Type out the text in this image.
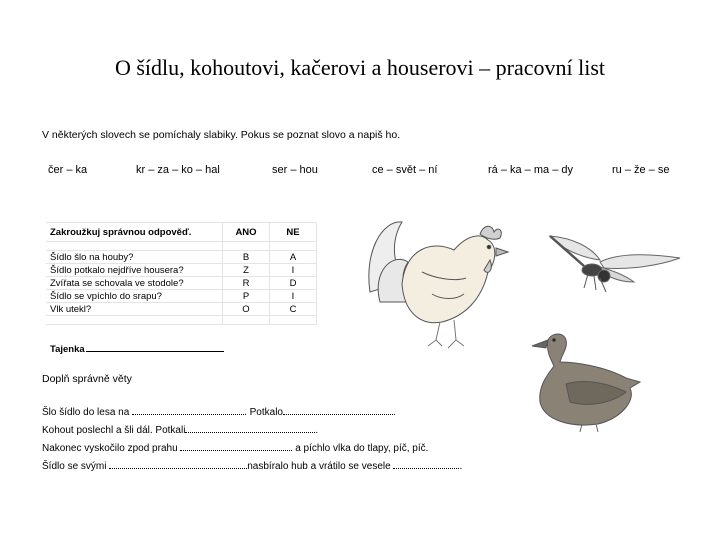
O šídlu, kohoutovi, kačerovi a houserovi – pracovní list
V některých slovech se pomíchaly slabiky. Pokus se poznat slovo a napiš ho.
čer – ka	kr – za – ko – hal	ser – hou	ce – svět – ní	rá – ka – ma – dy	ru – že – se
Zakroužkuj správnou odpověď.	ANO	NE

Šídlo šlo na houby?	B	A
Šídlo potkalo nejdříve housera?	Z	I
Zvířata se schovala ve stodole?	R	D
Šídlo se vpíchlo do srapu?	P	I
Vlk utekl?	O	C

Tajenka
Doplň správně věty
Šlo šídlo do lesa na	. Potkalo	.
Kohout poslechl a šli dál. Potkali	.
Nakonec vyskočilo zpod prahu	a píchlo vlka do tlapy, píč, píč.
Šídlo se svými	nasbíralo hub a vrátilo se vesele	.
